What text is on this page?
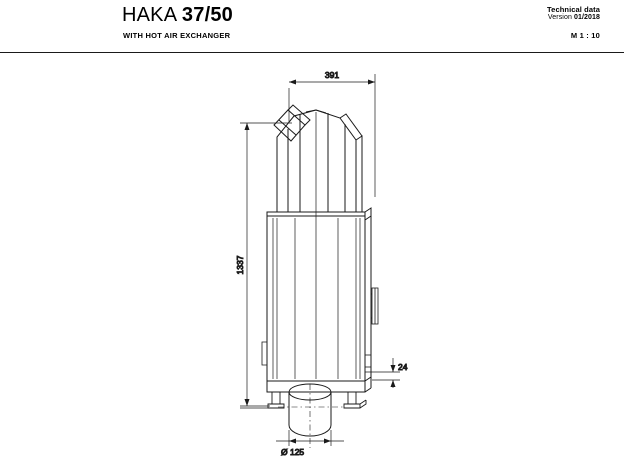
HAKA 37/50
WITH HOT AIR EXCHANGER
Technical data
Version 01/2018
M 1 : 10
391
1337
24
Ø 125
